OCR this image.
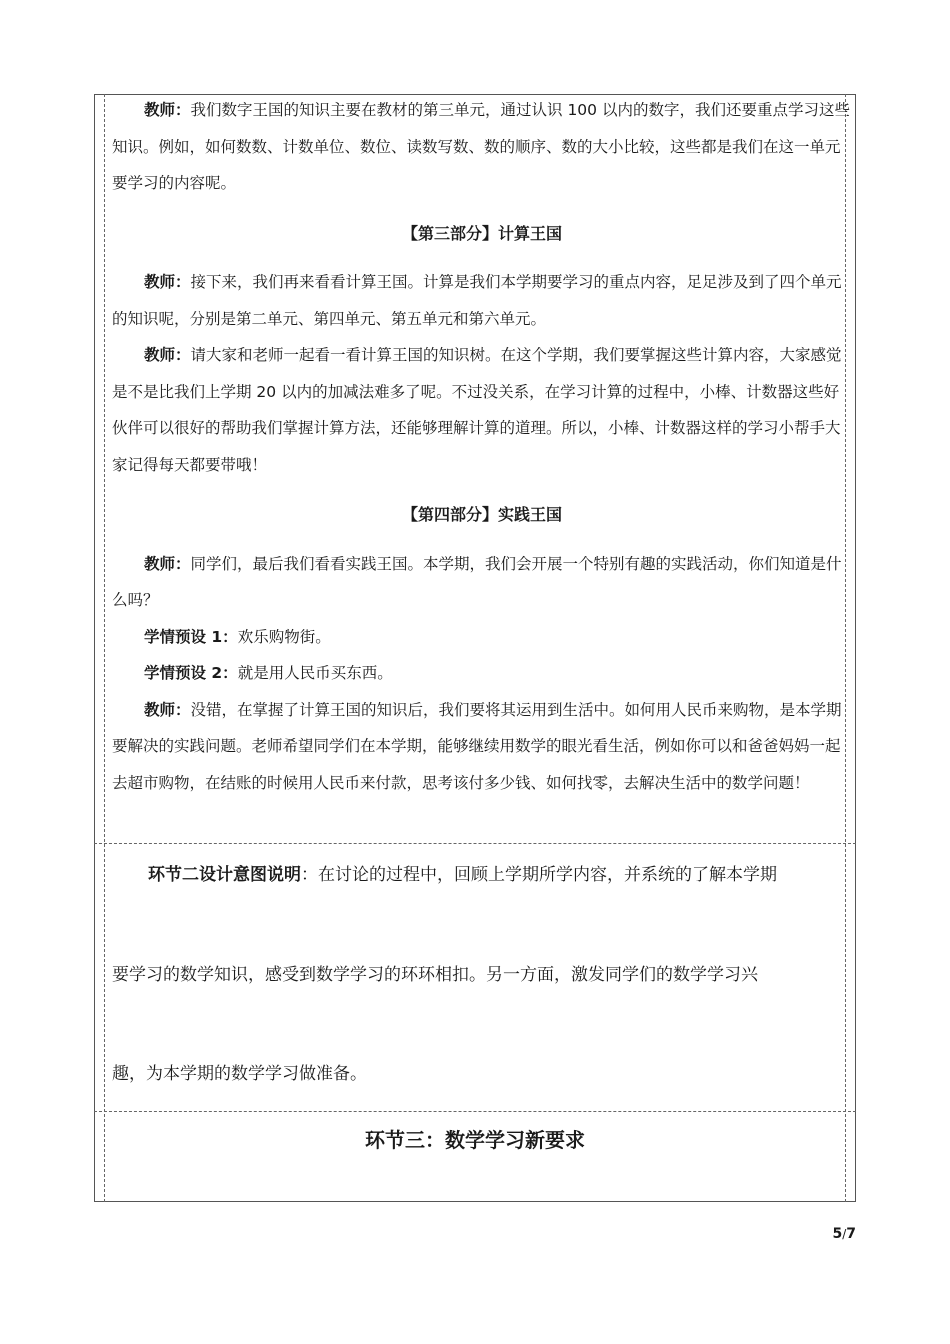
教师：我们数字王国的知识主要在教材的第三单元，通过认识 100 以内的数字，我们还要重点学习这些知识。例如，如何数数、计数单位、数位、读数写数、数的顺序、数的大小比较，这些都是我们在这一单元要学习的内容呢。

【第三部分】计算王国

教师：接下来，我们再来看看计算王国。计算是我们本学期要学习的重点内容，足足涉及到了四个单元的知识呢，分别是第二单元、第四单元、第五单元和第六单元。

教师：请大家和老师一起看一看计算王国的知识树。在这个学期，我们要掌握这些计算内容，大家感觉是不是比我们上学期 20 以内的加减法难多了呢。不过没关系，在学习计算的过程中，小棒、计数器这些好伙伴可以很好的帮助我们掌握计算方法，还能够理解计算的道理。所以，小棒、计数器这样的学习小帮手大家记得每天都要带哦！

【第四部分】实践王国

教师：同学们，最后我们看看实践王国。本学期，我们会开展一个特别有趣的实践活动，你们知道是什么吗？

学情预设 1：欢乐购物街。

学情预设 2：就是用人民币买东西。

教师：没错，在掌握了计算王国的知识后，我们要将其运用到生活中。如何用人民币来购物，是本学期要解决的实践问题。老师希望同学们在本学期，能够继续用数学的眼光看生活，例如你可以和爸爸妈妈一起去超市购物，在结账的时候用人民币来付款，思考该付多少钱、如何找零，去解决生活中的数学问题！

环节二设计意图说明：在讨论的过程中，回顾上学期所学内容，并系统的了解本学期
要学习的数学知识，感受到数学学习的环环相扣。另一方面，激发同学们的数学学习兴
趣，为本学期的数学学习做准备。
环节三：数学学习新要求
5/7
